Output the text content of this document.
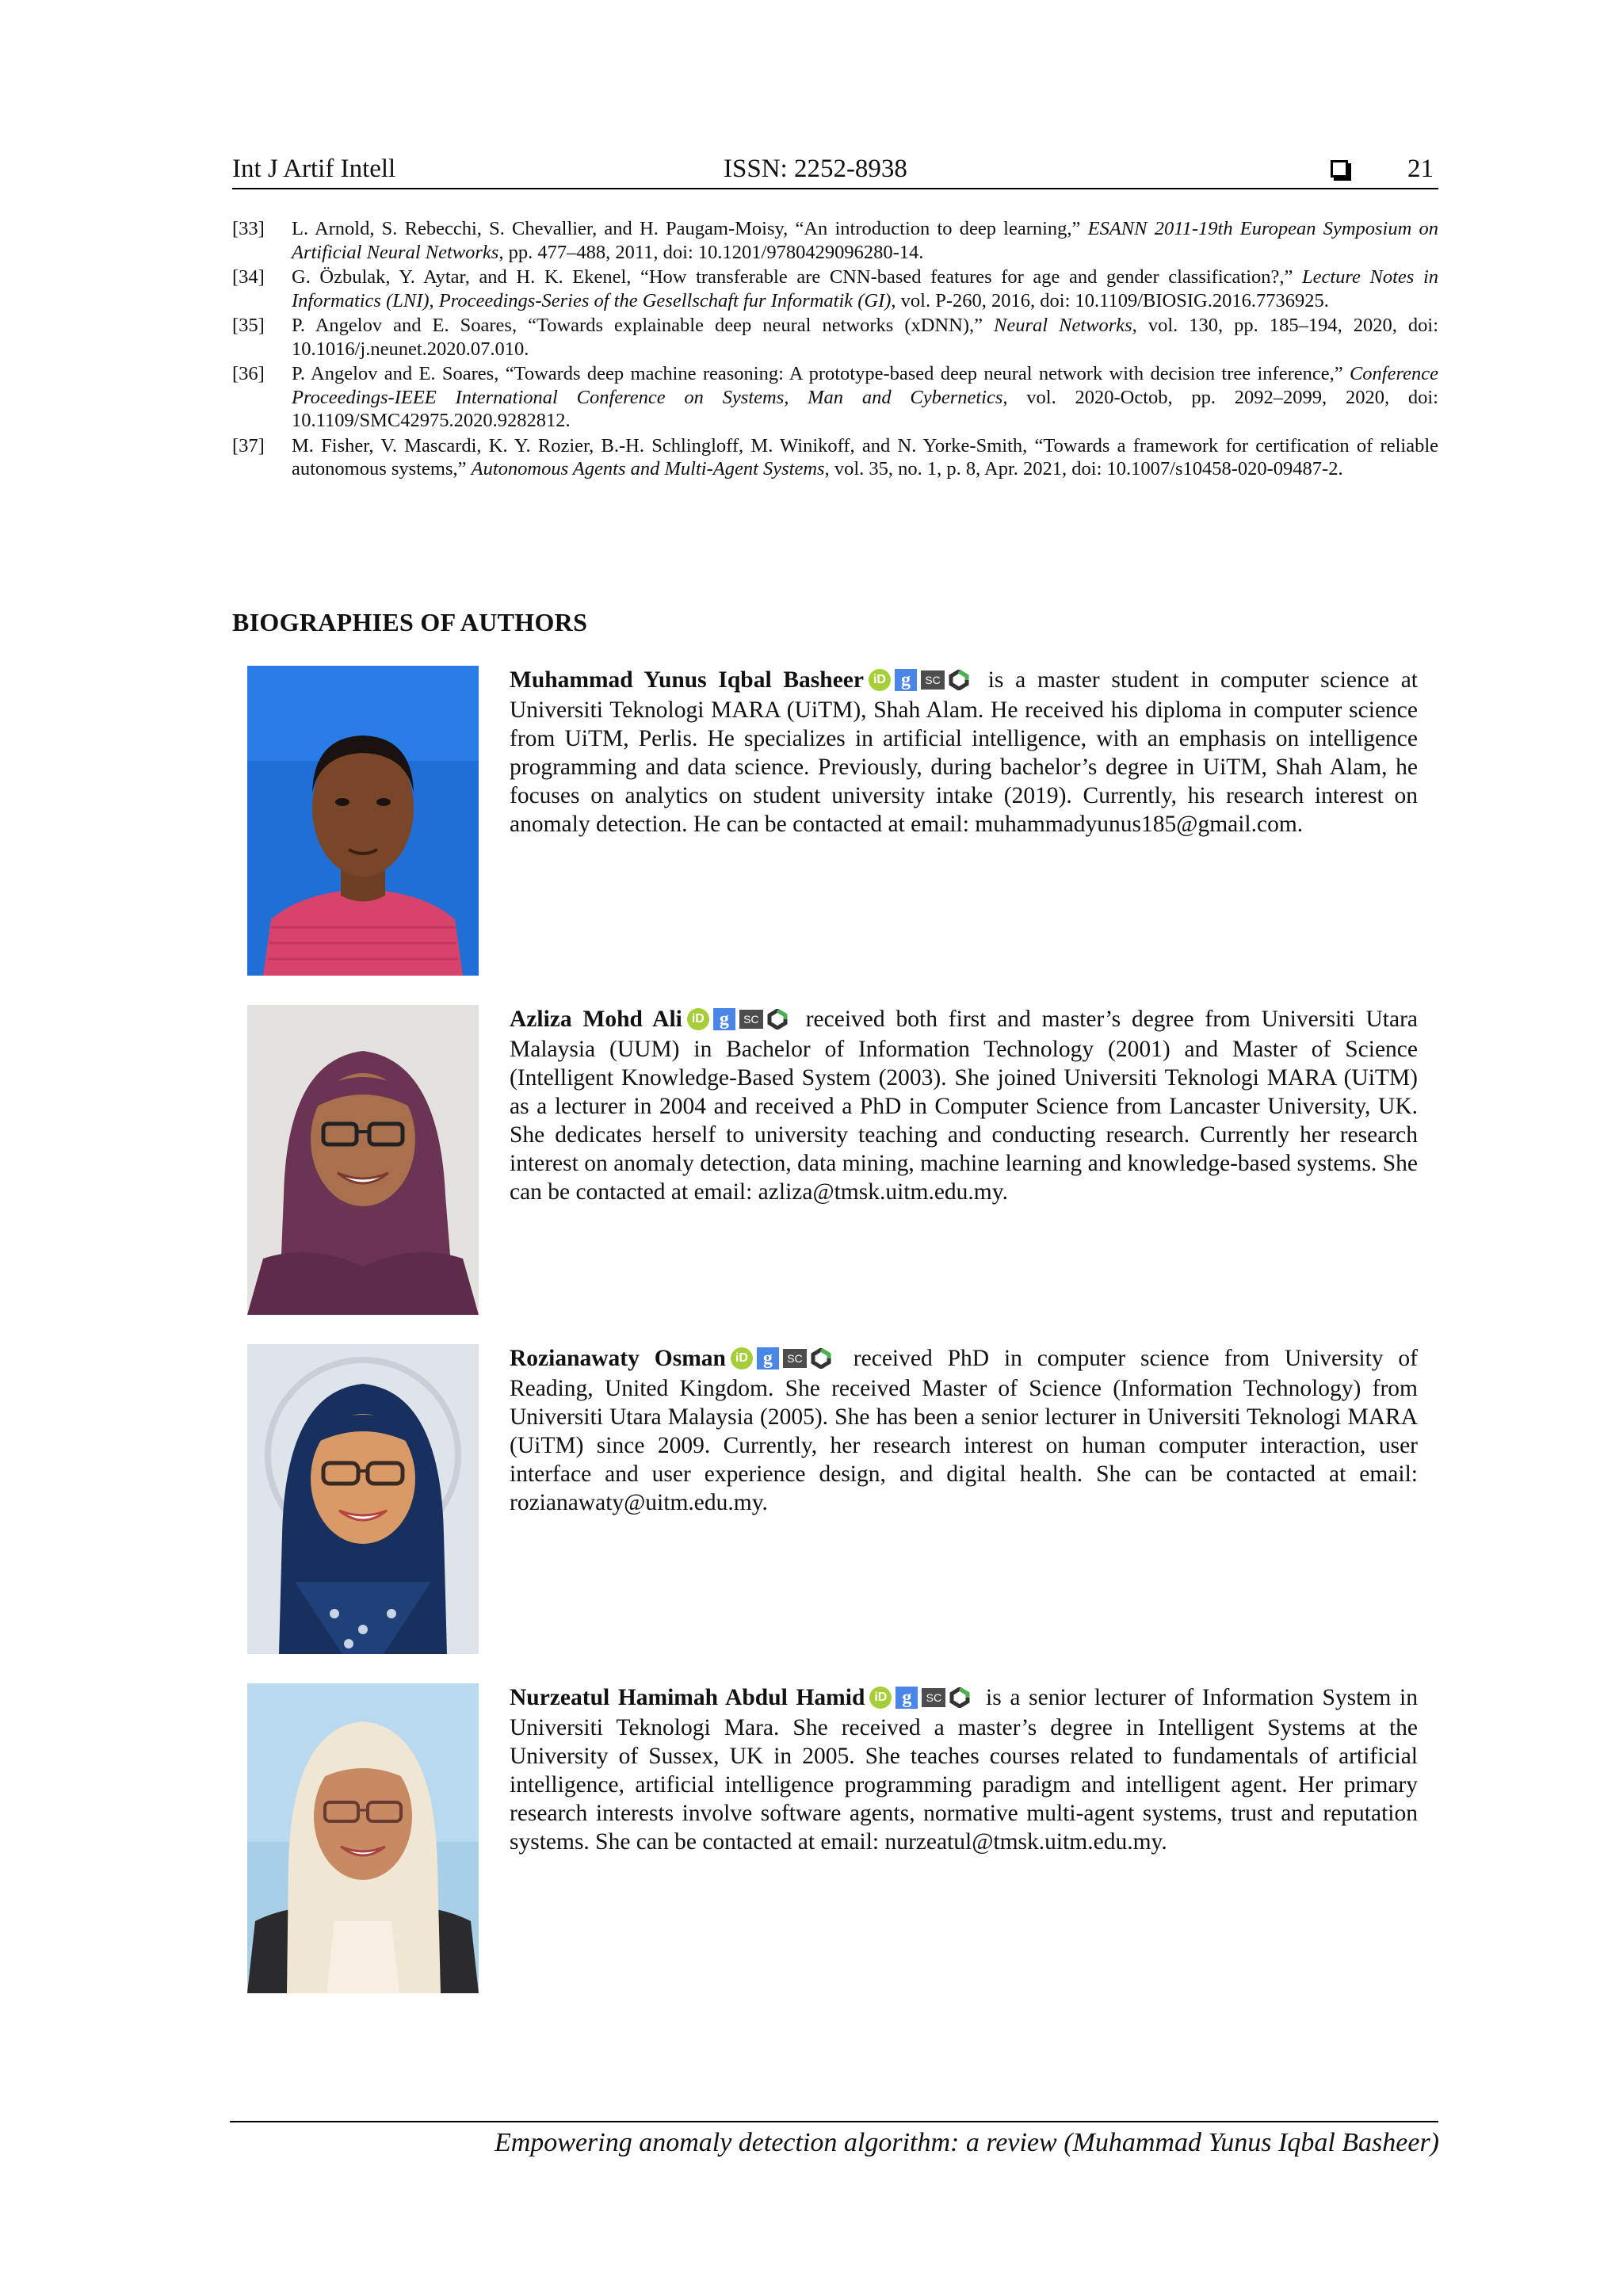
Int J Artif Intell	ISSN: 2252-8938	21
[33] L. Arnold, S. Rebecchi, S. Chevallier, and H. Paugam-Moisy, “An introduction to deep learning,” ESANN 2011-19th European Symposium on Artificial Neural Networks, pp. 477–488, 2011, doi: 10.1201/9780429096280-14.
[34] G. Özbulak, Y. Aytar, and H. K. Ekenel, “How transferable are CNN-based features for age and gender classification?,” Lecture Notes in Informatics (LNI), Proceedings-Series of the Gesellschaft fur Informatik (GI), vol. P-260, 2016, doi: 10.1109/BIOSIG.2016.7736925.
[35] P. Angelov and E. Soares, “Towards explainable deep neural networks (xDNN),” Neural Networks, vol. 130, pp. 185–194, 2020, doi: 10.1016/j.neunet.2020.07.010.
[36] P. Angelov and E. Soares, “Towards deep machine reasoning: A prototype-based deep neural network with decision tree inference,” Conference Proceedings-IEEE International Conference on Systems, Man and Cybernetics, vol. 2020-Octob, pp. 2092–2099, 2020, doi: 10.1109/SMC42975.2020.9282812.
[37] M. Fisher, V. Mascardi, K. Y. Rozier, B.-H. Schlingloff, M. Winikoff, and N. Yorke-Smith, “Towards a framework for certification of reliable autonomous systems,” Autonomous Agents and Multi-Agent Systems, vol. 35, no. 1, p. 8, Apr. 2021, doi: 10.1007/s10458-020-09487-2.
BIOGRAPHIES OF AUTHORS
Muhammad Yunus Iqbal Basheer iD g SC
is a master student in computer science at Universiti Teknologi MARA (UiTM), Shah Alam. He received his diploma in computer science from UiTM, Perlis. He specializes in artificial intelligence, with an emphasis on intelligence programming and data science. Previously, during bachelor’s degree in UiTM, Shah Alam, he focuses on analytics on student university intake (2019). Currently, his research interest on anomaly detection. He can be contacted at email: muhammadyunus185@gmail.com.
Azliza Mohd Ali iD g SC
received both first and master’s degree from Universiti Utara Malaysia (UUM) in Bachelor of Information Technology (2001) and Master of Science (Intelligent Knowledge-Based System (2003). She joined Universiti Teknologi MARA (UiTM) as a lecturer in 2004 and received a PhD in Computer Science from Lancaster University, UK. She dedicates herself to university teaching and conducting research. Currently her research interest on anomaly detection, data mining, machine learning and knowledge-based systems. She can be contacted at email: azliza@tmsk.uitm.edu.my.
Rozianawaty Osman iD g SC
received PhD in computer science from University of Reading, United Kingdom. She received Master of Science (Information Technology) from Universiti Utara Malaysia (2005). She has been a senior lecturer in Universiti Teknologi MARA (UiTM) since 2009. Currently, her research interest on human computer interaction, user interface and user experience design, and digital health. She can be contacted at email: rozianawaty@uitm.edu.my.
Nurzeatul Hamimah Abdul Hamid iD g SC
is a senior lecturer of Information System in Universiti Teknologi Mara. She received a master’s degree in Intelligent Systems at the University of Sussex, UK in 2005. She teaches courses related to fundamentals of artificial intelligence, artificial intelligence programming paradigm and intelligent agent. Her primary research interests involve software agents, normative multi-agent systems, trust and reputation systems. She can be contacted at email: nurzeatul@tmsk.uitm.edu.my.
Empowering anomaly detection algorithm: a review (Muhammad Yunus Iqbal Basheer)
